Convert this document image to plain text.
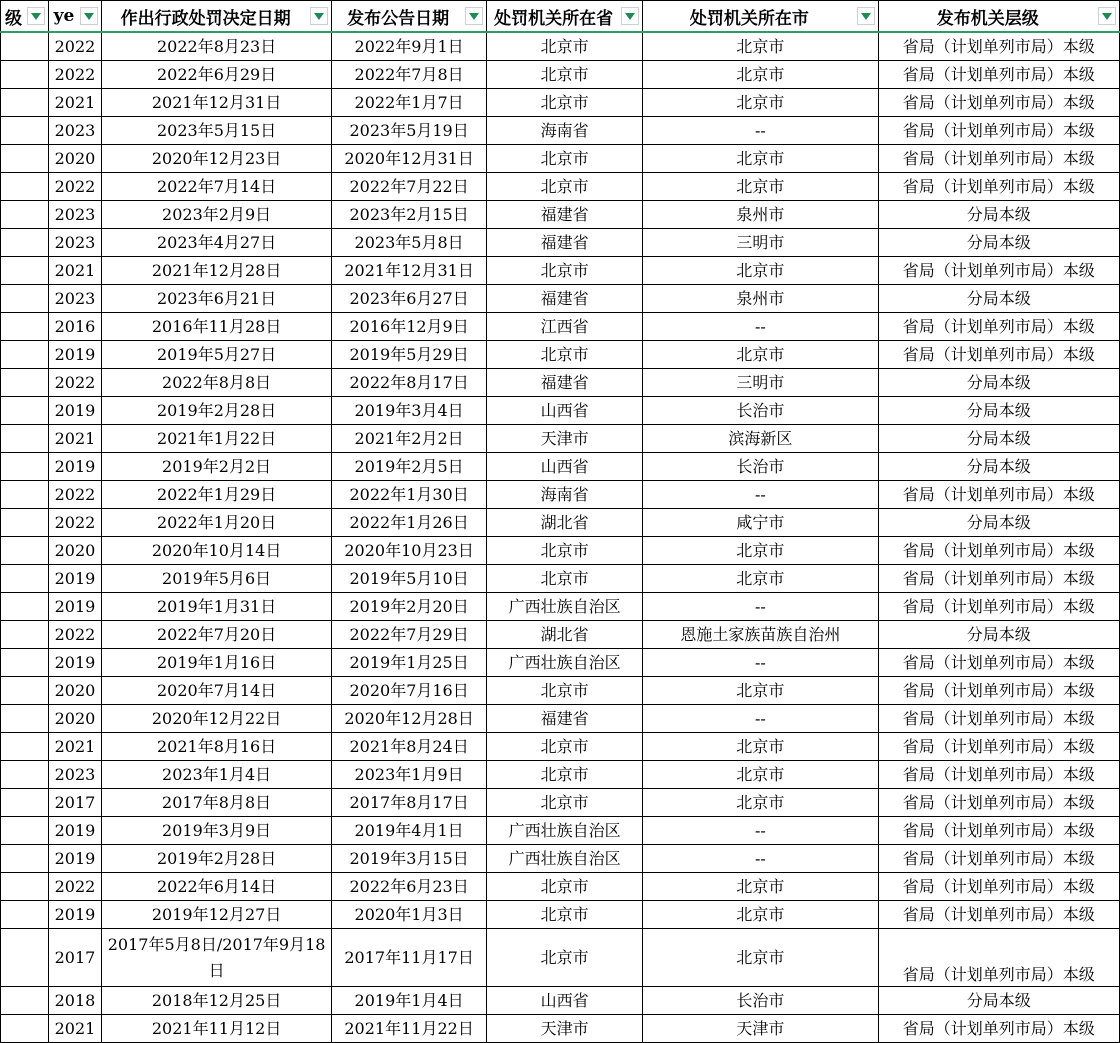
级	ye	作出行政处罚决定日期	发布公告日期	处罚机关所在省	处罚机关所在市	发布机关层级

	2022	2022年8月23日	2022年9月1日	北京市	北京市	省局（计划单列市局）本级
	2022	2022年6月29日	2022年7月8日	北京市	北京市	省局（计划单列市局）本级
	2021	2021年12月31日	2022年1月7日	北京市	北京市	省局（计划单列市局）本级
	2023	2023年5月15日	2023年5月19日	海南省	--	省局（计划单列市局）本级
	2020	2020年12月23日	2020年12月31日	北京市	北京市	省局（计划单列市局）本级
	2022	2022年7月14日	2022年7月22日	北京市	北京市	省局（计划单列市局）本级
	2023	2023年2月9日	2023年2月15日	福建省	泉州市	分局本级
	2023	2023年4月27日	2023年5月8日	福建省	三明市	分局本级
	2021	2021年12月28日	2021年12月31日	北京市	北京市	省局（计划单列市局）本级
	2023	2023年6月21日	2023年6月27日	福建省	泉州市	分局本级
	2016	2016年11月28日	2016年12月9日	江西省	--	省局（计划单列市局）本级
	2019	2019年5月27日	2019年5月29日	北京市	北京市	省局（计划单列市局）本级
	2022	2022年8月8日	2022年8月17日	福建省	三明市	分局本级
	2019	2019年2月28日	2019年3月4日	山西省	长治市	分局本级
	2021	2021年1月22日	2021年2月2日	天津市	滨海新区	分局本级
	2019	2019年2月2日	2019年2月5日	山西省	长治市	分局本级
	2022	2022年1月29日	2022年1月30日	海南省	--	省局（计划单列市局）本级
	2022	2022年1月20日	2022年1月26日	湖北省	咸宁市	分局本级
	2020	2020年10月14日	2020年10月23日	北京市	北京市	省局（计划单列市局）本级
	2019	2019年5月6日	2019年5月10日	北京市	北京市	省局（计划单列市局）本级
	2019	2019年1月31日	2019年2月20日	广西壮族自治区	--	省局（计划单列市局）本级
	2022	2022年7月20日	2022年7月29日	湖北省	恩施土家族苗族自治州	分局本级
	2019	2019年1月16日	2019年1月25日	广西壮族自治区	--	省局（计划单列市局）本级
	2020	2020年7月14日	2020年7月16日	北京市	北京市	省局（计划单列市局）本级
	2020	2020年12月22日	2020年12月28日	福建省	--	省局（计划单列市局）本级
	2021	2021年8月16日	2021年8月24日	北京市	北京市	省局（计划单列市局）本级
	2023	2023年1月4日	2023年1月9日	北京市	北京市	省局（计划单列市局）本级
	2017	2017年8月8日	2017年8月17日	北京市	北京市	省局（计划单列市局）本级
	2019	2019年3月9日	2019年4月1日	广西壮族自治区	--	省局（计划单列市局）本级
	2019	2019年2月28日	2019年3月15日	广西壮族自治区	--	省局（计划单列市局）本级
	2022	2022年6月14日	2022年6月23日	北京市	北京市	省局（计划单列市局）本级
	2019	2019年12月27日	2020年1月3日	北京市	北京市	省局（计划单列市局）本级
	2017	2017年5月8日/2017年9月18日	2017年11月17日	北京市	北京市	省局（计划单列市局）本级
	2018	2018年12月25日	2019年1月4日	山西省	长治市	分局本级
	2021	2021年11月12日	2021年11月22日	天津市	天津市	省局（计划单列市局）本级
